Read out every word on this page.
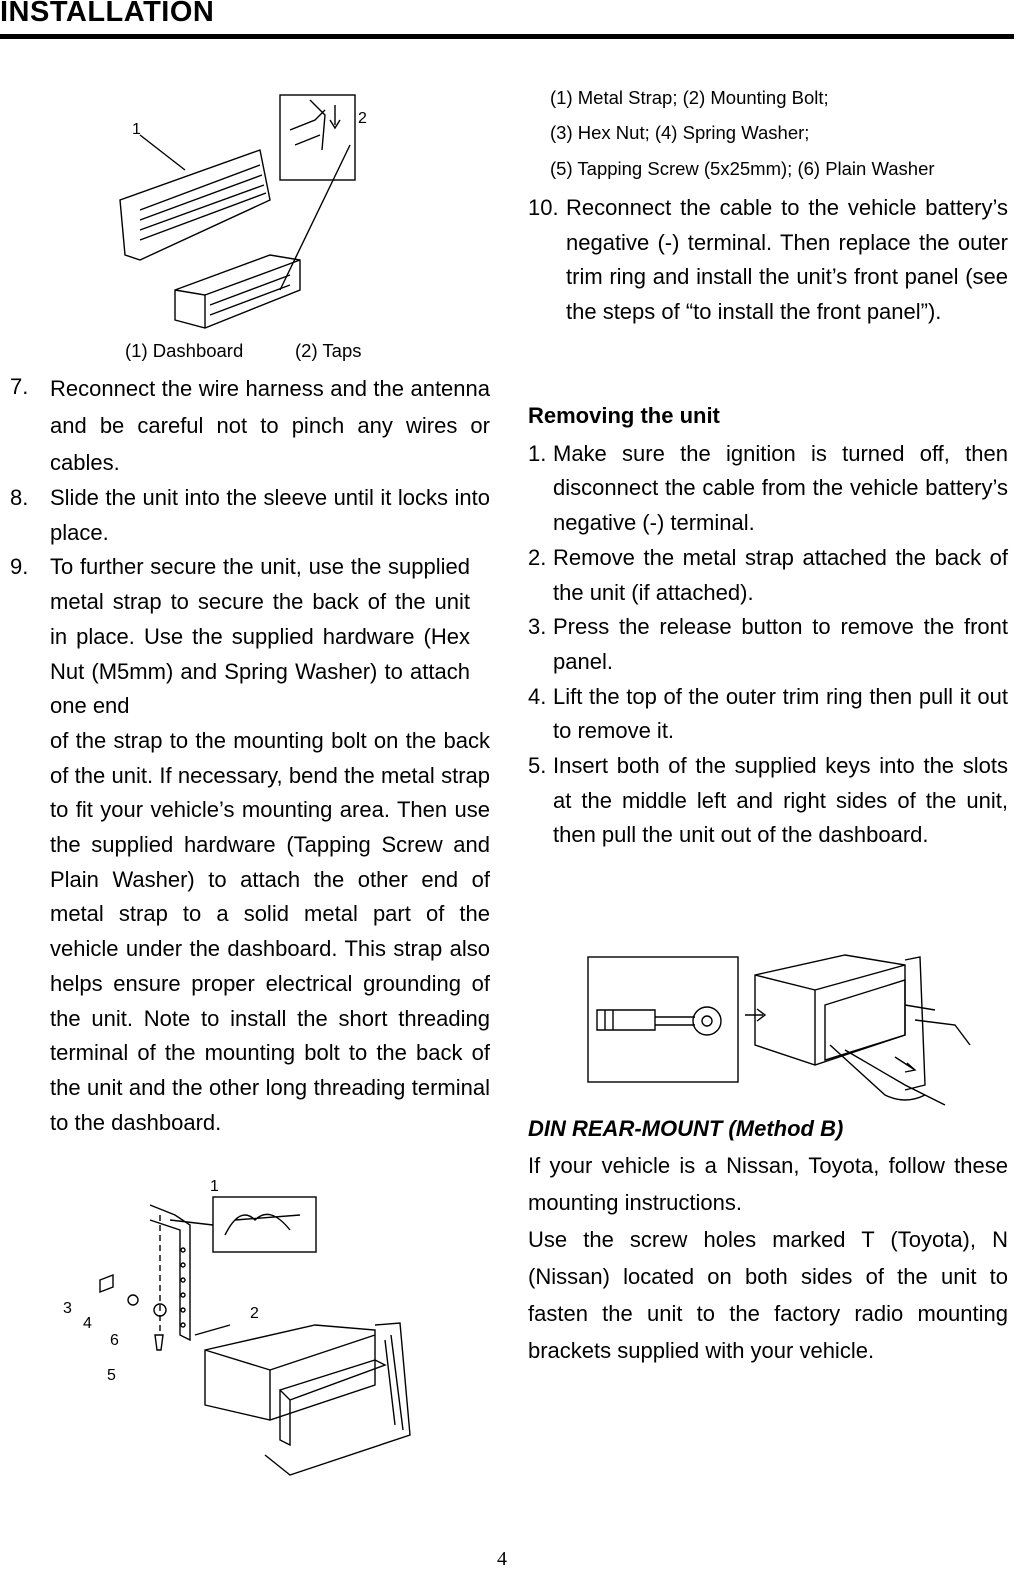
INSTALLATION
1
2
(1) Dashboard	(2) Taps
7. Reconnect the wire harness and the antenna and be careful not to pinch any wires or cables.
8. Slide the unit into the sleeve until it locks into place.
9. To further secure the unit, use the supplied metal strap to secure the back of the unit in place. Use the supplied hardware (Hex Nut (M5mm) and Spring Washer) to attach one end
of the strap to the mounting bolt on the back of the unit. If necessary, bend the metal strap to fit your vehicle’s mounting area. Then use the supplied hardware (Tapping Screw and Plain Washer) to attach the other end of metal strap to a solid metal part of the vehicle under the dashboard. This strap also helps ensure proper electrical grounding of the unit. Note to install the short threading terminal of the mounting bolt to the back of the unit and the other long threading terminal to the dashboard.
1
2
3
4
5
6
(1) Metal Strap; (2) Mounting Bolt;
(3) Hex Nut; (4) Spring Washer;
(5) Tapping Screw (5x25mm); (6) Plain Washer
10. Reconnect the cable to the vehicle battery’s negative (-) terminal. Then replace the outer trim ring and install the unit’s front panel (see the steps of “to install the front panel”).
Removing the unit
1. Make sure the ignition is turned off, then disconnect the cable from the vehicle battery’s negative (-) terminal.
2. Remove the metal strap attached the back of the unit (if attached).
3. Press the release button to remove the front panel.
4. Lift the top of the outer trim ring then pull it out to remove it.
5. Insert both of the supplied keys into the slots at the middle left and right sides of the unit, then pull the unit out of the dashboard.
DIN REAR-MOUNT (Method B)
If your vehicle is a Nissan, Toyota, follow these mounting instructions.
Use the screw holes marked T (Toyota), N (Nissan) located on both sides of the unit to fasten the unit to the factory radio mounting brackets supplied with your vehicle.
4
